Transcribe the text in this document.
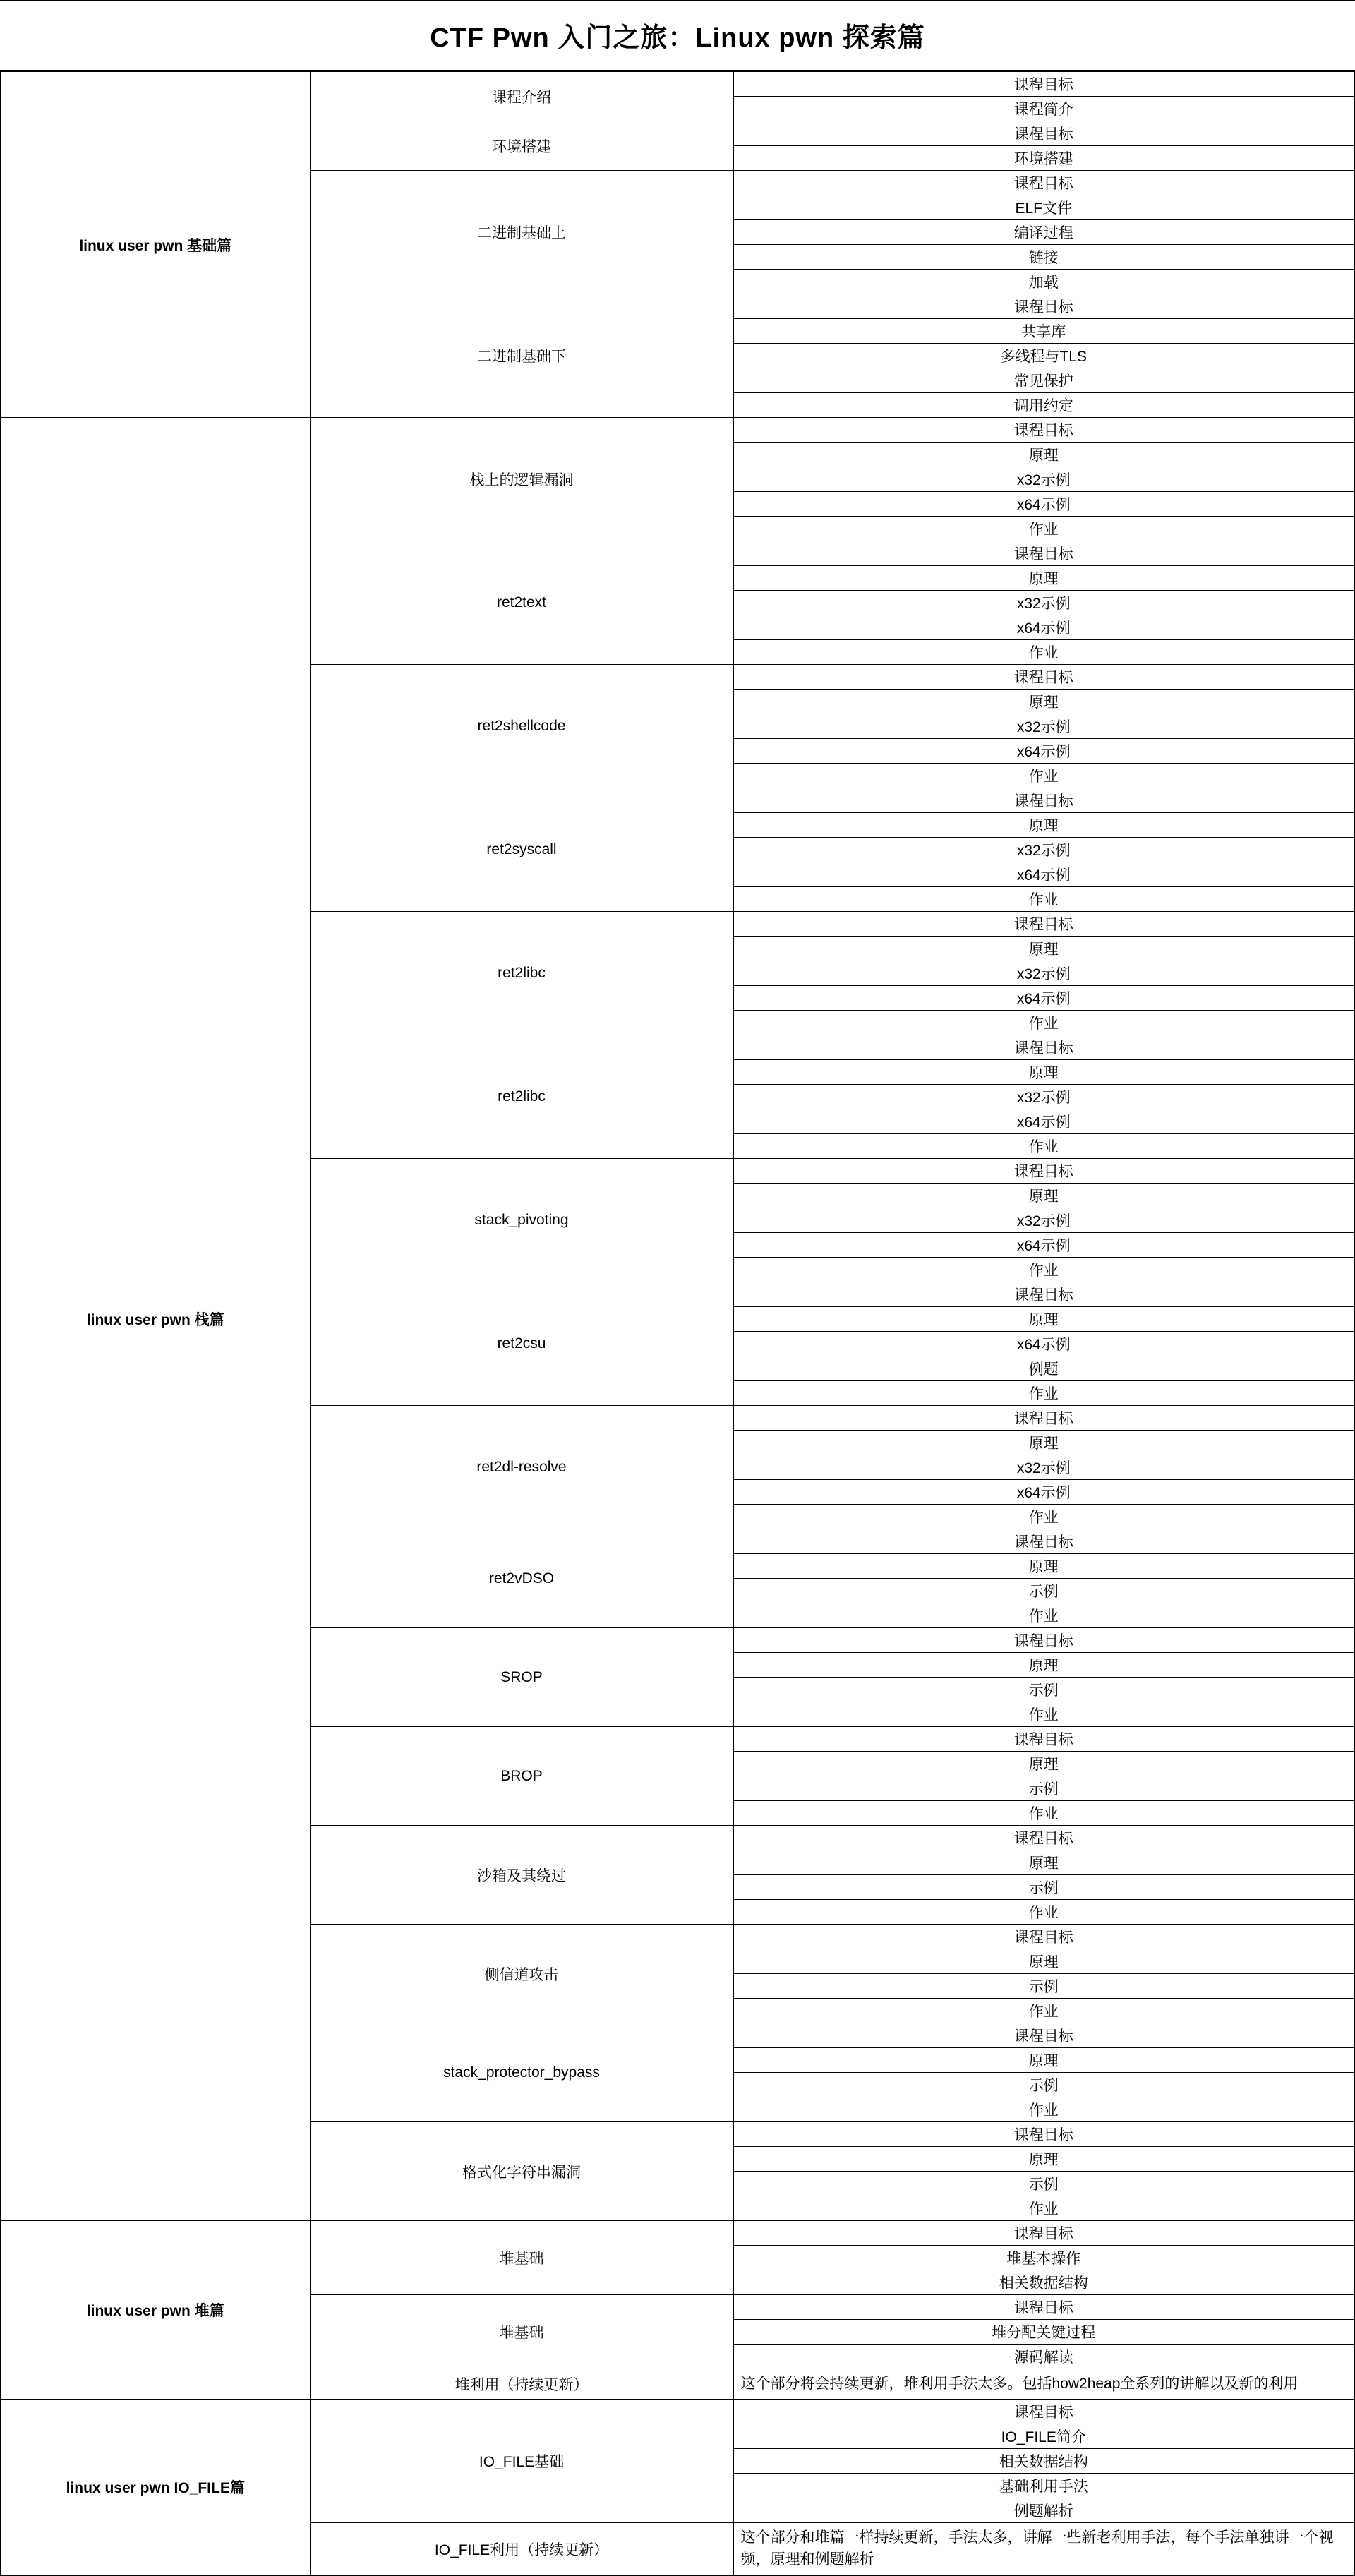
CTF Pwn 入门之旅：Linux pwn 探索篇
linux user pwn 基础篇	课程介绍	课程目标
		课程简介
	环境搭建	课程目标
		环境搭建
	二进制基础上	课程目标
		ELF文件
		编译过程
		链接
		加载
	二进制基础下	课程目标
		共享库
		多线程与TLS
		常见保护
		调用约定
linux user pwn 栈篇	栈上的逻辑漏洞	课程目标
		原理
		x32示例
		x64示例
		作业
	ret2text	课程目标
		原理
		x32示例
		x64示例
		作业
	ret2shellcode	课程目标
		原理
		x32示例
		x64示例
		作业
	ret2syscall	课程目标
		原理
		x32示例
		x64示例
		作业
	ret2libc	课程目标
		原理
		x32示例
		x64示例
		作业
	ret2libc	课程目标
		原理
		x32示例
		x64示例
		作业
	stack_pivoting	课程目标
		原理
		x32示例
		x64示例
		作业
	ret2csu	课程目标
		原理
		x64示例
		例题
		作业
	ret2dl-resolve	课程目标
		原理
		x32示例
		x64示例
		作业
	ret2vDSO	课程目标
		原理
		示例
		作业
	SROP	课程目标
		原理
		示例
		作业
	BROP	课程目标
		原理
		示例
		作业
	沙箱及其绕过	课程目标
		原理
		示例
		作业
	侧信道攻击	课程目标
		原理
		示例
		作业
	stack_protector_bypass	课程目标
		原理
		示例
		作业
	格式化字符串漏洞	课程目标
		原理
		示例
		作业
linux user pwn 堆篇	堆基础	课程目标
		堆基本操作
		相关数据结构
	堆基础	课程目标
		堆分配关键过程
		源码解读
	堆利用（持续更新）	这个部分将会持续更新，堆利用手法太多。包括how2heap全系列的讲解以及新的利用
linux user pwn IO_FILE篇	IO_FILE基础	课程目标
		IO_FILE简介
		相关数据结构
		基础利用手法
		例题解析
	IO_FILE利用（持续更新）	这个部分和堆篇一样持续更新，手法太多，讲解一些新老利用手法，每个手法单独讲一个视频，原理和例题解析
